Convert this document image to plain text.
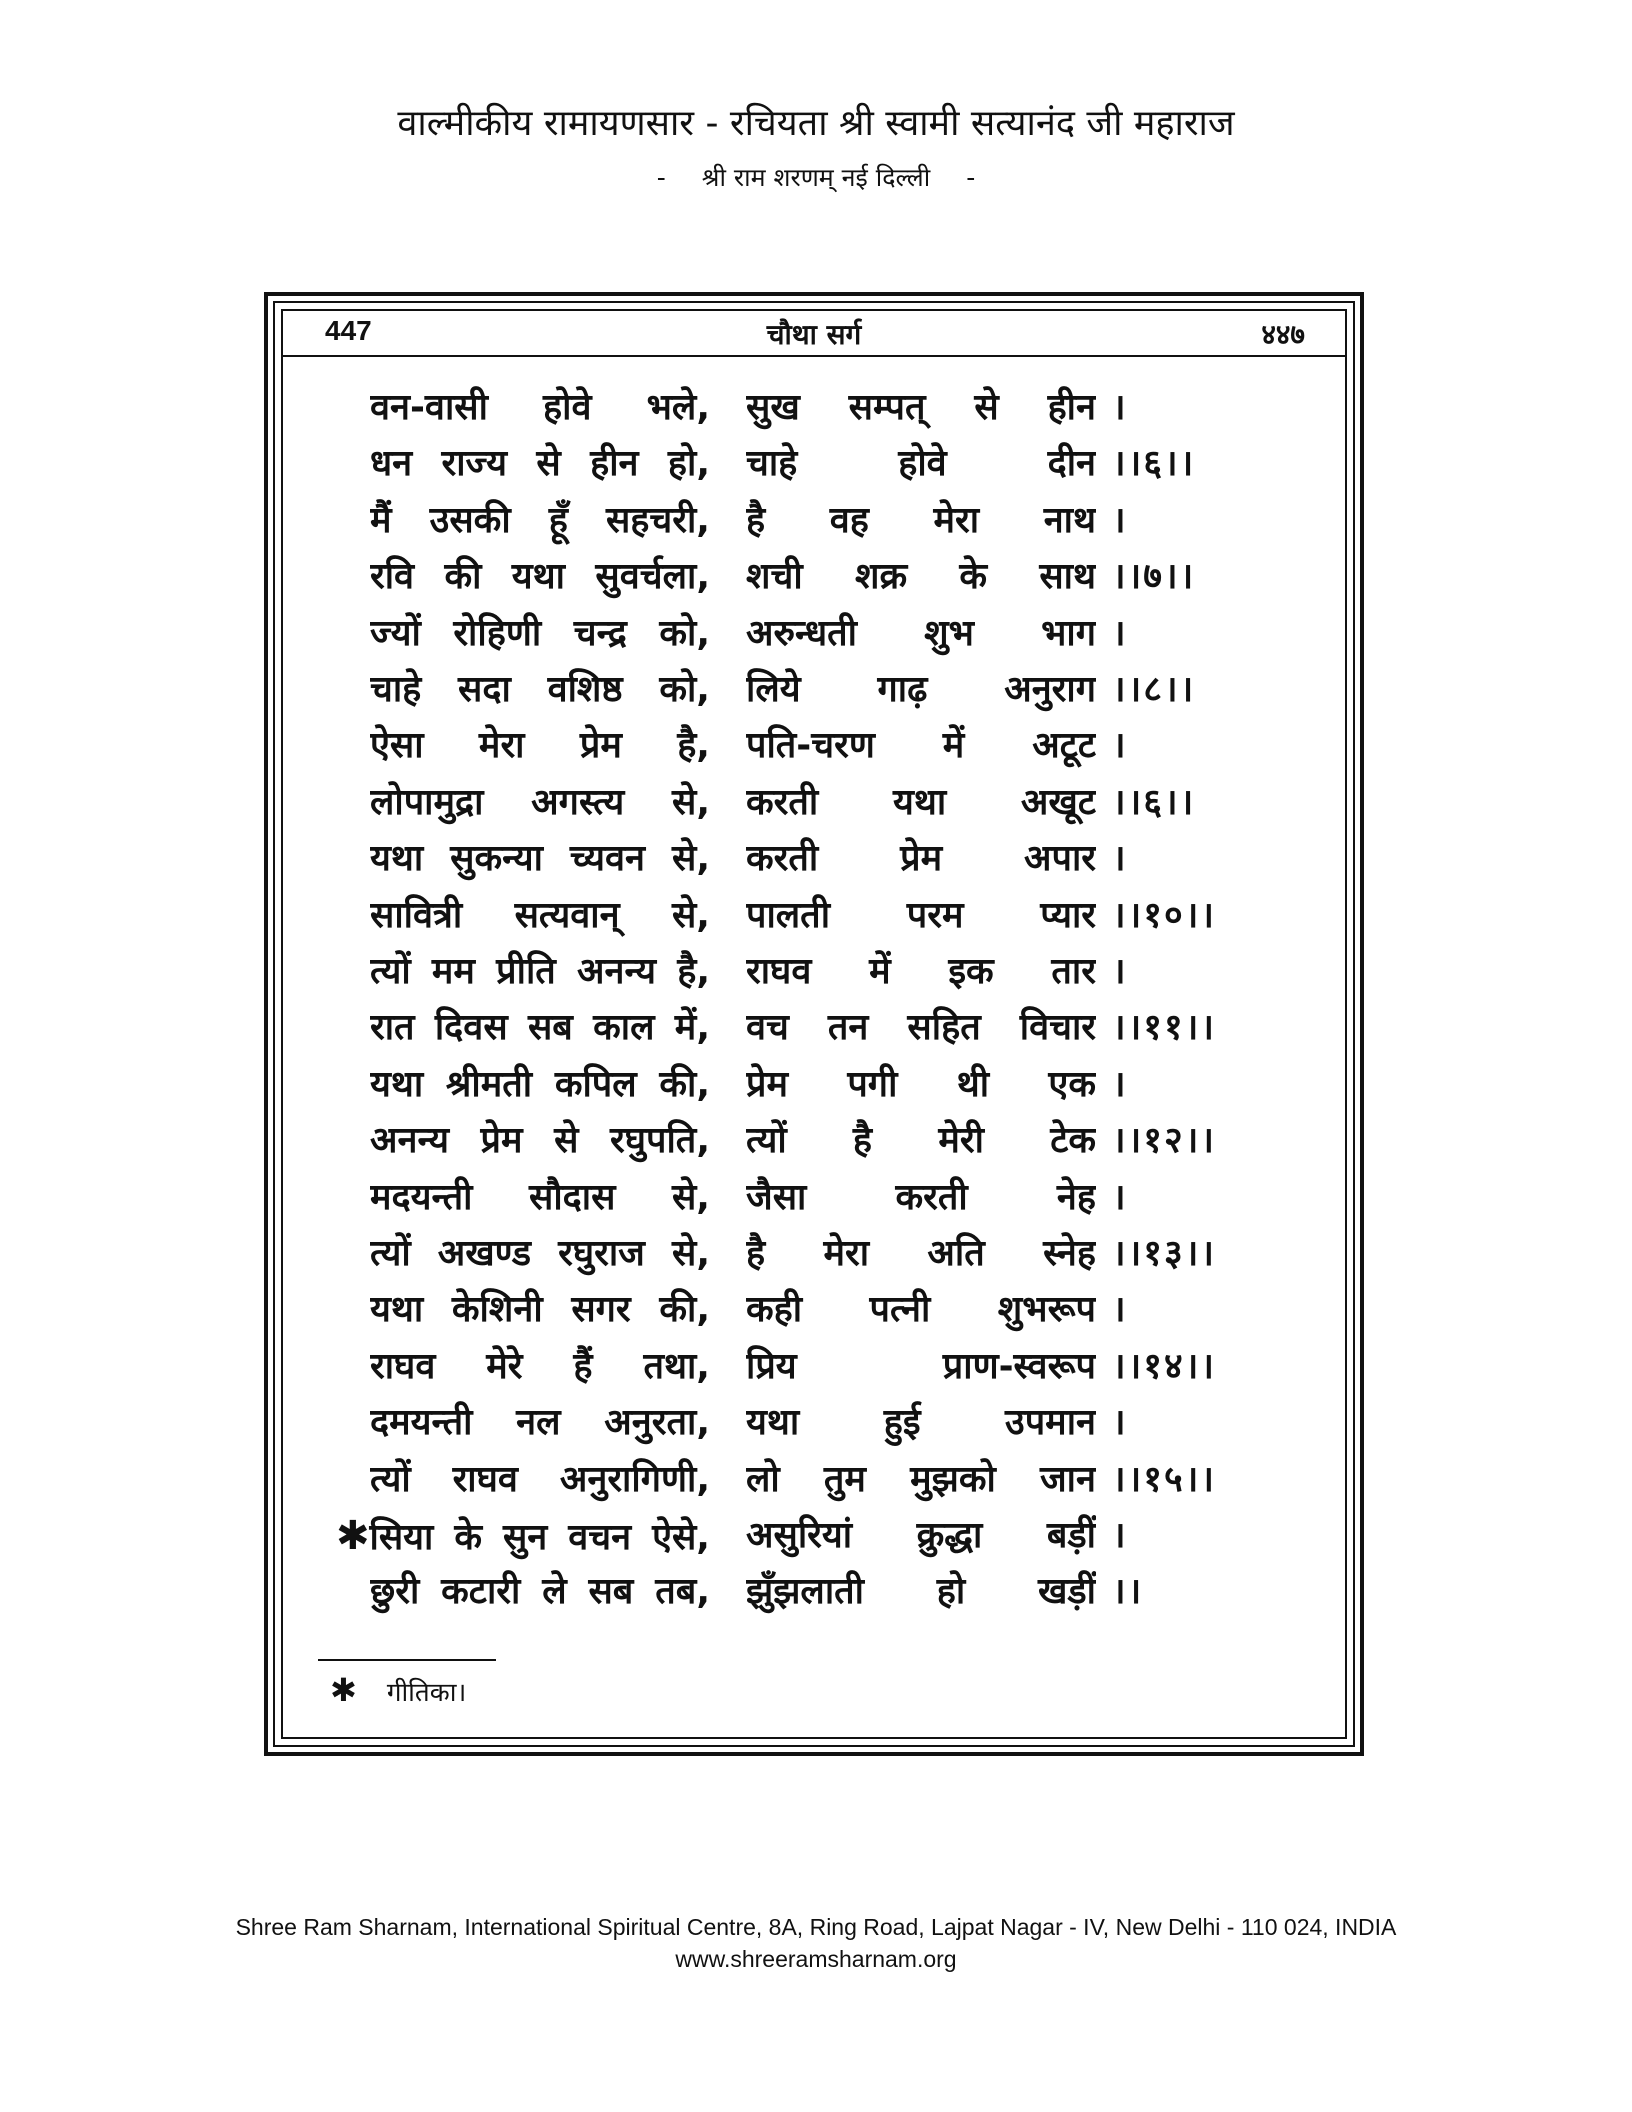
वाल्मीकीय रामायणसार - रचियता श्री स्वामी सत्यानंद जी महाराज
- श्री राम शरणम् नई दिल्ली -
447	चौथा सर्ग	४४७
वन-वासी होवे भले, सुख सम्पत् से हीन ।
धन राज्य से हीन हो, चाहे होवे दीन ।।६।।
मैं उसकी हूँ सहचरी, है वह मेरा नाथ ।
रवि की यथा सुवर्चला, शची शक्र के साथ ।।७।।
ज्यों रोहिणी चन्द्र को, अरुन्धती शुभ भाग ।
चाहे सदा वशिष्ठ को, लिये गाढ़ अनुराग ।।८।।
ऐसा मेरा प्रेम है, पति-चरण में अटूट ।
लोपामुद्रा अगस्त्य से, करती यथा अखूट ।।६।।
यथा सुकन्या च्यवन से, करती प्रेम अपार ।
सावित्री सत्यवान् से, पालती परम प्यार ।।१०।।
त्यों मम प्रीति अनन्य है, राघव में इक तार ।
रात दिवस सब काल में, वच तन सहित विचार ।।११।।
यथा श्रीमती कपिल की, प्रेम पगी थी एक ।
अनन्य प्रेम से रघुपति, त्यों है मेरी टेक ।।१२।।
मदयन्ती सौदास से, जैसा करती नेह ।
त्यों अखण्ड रघुराज से, है मेरा अति स्नेह ।।१३।।
यथा केशिनी सगर की, कही पत्नी शुभरूप ।
राघव मेरे हैं तथा, प्रिय प्राण-स्वरूप ।।१४।।
दमयन्ती नल अनुरता, यथा हुई उपमान ।
त्यों राघव अनुरागिणी, लो तुम मुझको जान ।।१५।।
✱सिया के सुन वचन ऐसे, असुरियां क्रुद्धा बड़ीं ।
छुरी कटारी ले सब तब, झुँझलाती हो खड़ीं ।।
✱ गीतिका।
Shree Ram Sharnam, International Spiritual Centre, 8A, Ring Road, Lajpat Nagar - IV, New Delhi - 110 024, INDIA
www.shreeramsharnam.org
